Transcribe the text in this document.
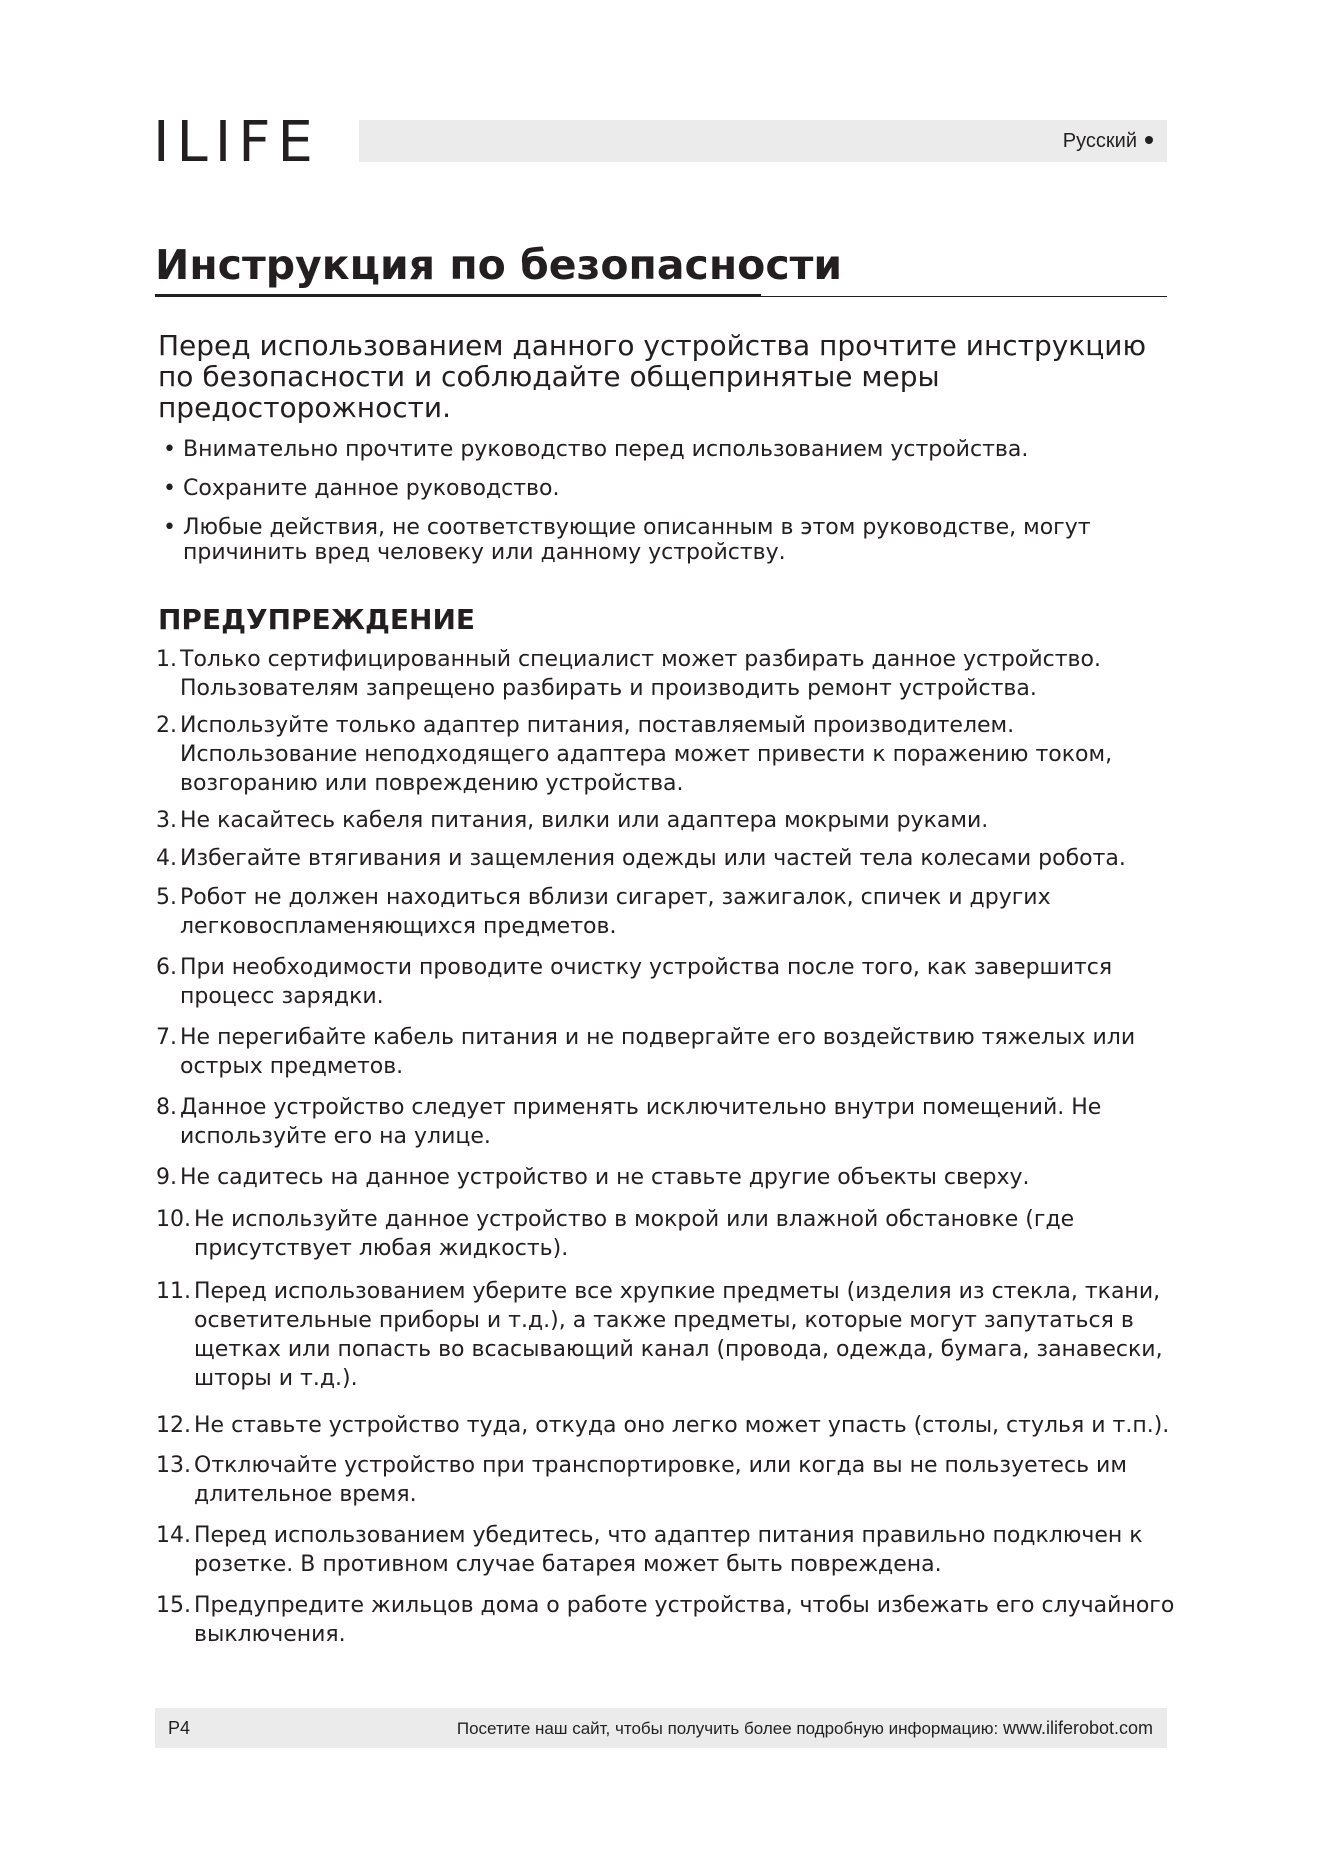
ILIFE	Русский
Инструкция по безопасности
Перед использованием данного устройства прочтите инструкцию по безопасности и соблюдайте общепринятые меры предосторожности.
• Внимательно прочтите руководство перед использованием устройства.
• Сохраните данное руководство.
• Любые действия, не соответствующие описанным в этом руководстве, могут причинить вред человеку или данному устройству.
ПРЕДУПРЕЖДЕНИЕ
1. Только сертифицированный специалист может разбирать данное устройство. Пользователям запрещено разбирать и производить ремонт устройства.
2. Используйте только адаптер питания, поставляемый производителем. Использование неподходящего адаптера может привести к поражению током, возгоранию или повреждению устройства.
3. Не касайтесь кабеля питания, вилки или адаптера мокрыми руками.
4. Избегайте втягивания и защемления одежды или частей тела колесами робота.
5. Робот не должен находиться вблизи сигарет, зажигалок, спичек и других легковоспламеняющихся предметов.
6. При необходимости проводите очистку устройства после того, как завершится процесс зарядки.
7. Не перегибайте кабель питания и не подвергайте его воздействию тяжелых или острых предметов.
8. Данное устройство следует применять исключительно внутри помещений. Не используйте его на улице.
9. Не садитесь на данное устройство и не ставьте другие объекты сверху.
10. Не используйте данное устройство в мокрой или влажной обстановке (где присутствует любая жидкость).
11. Перед использованием уберите все хрупкие предметы (изделия из стекла, ткани, осветительные приборы и т.д.), а также предметы, которые могут запутаться в щетках или попасть во всасывающий канал (провода, одежда, бумага, занавески, шторы и т.д.).
12. Не ставьте устройство туда, откуда оно легко может упасть (столы, стулья и т.п.).
13. Отключайте устройство при транспортировке, или когда вы не пользуетесь им длительное время.
14. Перед использованием убедитесь, что адаптер питания правильно подключен к розетке. В противном случае батарея может быть повреждена.
15. Предупредите жильцов дома о работе устройства, чтобы избежать его случайного выключения.
P4	Посетите наш сайт, чтобы получить более подробную информацию: www.iliferobot.com
